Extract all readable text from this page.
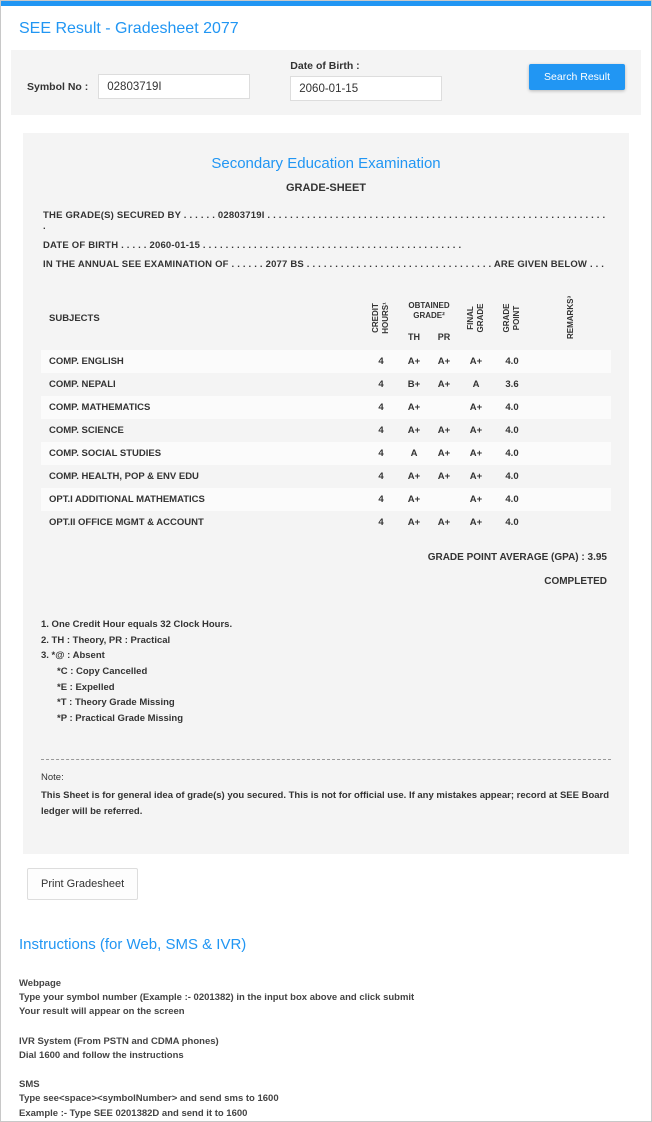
SEE Result - Gradesheet 2077
Symbol No :
02803719I
Date of Birth :
2060-01-15
Search Result
Secondary Education Examination
GRADE-SHEET
THE GRADE(S) SECURED BY . . . . . . 02803719I . . . . . . . . . . . . . . . . . . . . . . . . . . . . . . . . . . . . . . . . . . . . . . . . . . . . . . . . . . . . .
DATE OF BIRTH . . . . . 2060-01-15 . . . . . . . . . . . . . . . . . . . . . . . . . . . . . . . . . . . . . . . . . . . . . .
IN THE ANNUAL SEE EXAMINATION OF . . . . . . 2077 BS . . . . . . . . . . . . . . . . . . . . . . . . . . . . . . . . . ARE GIVEN BELOW . . .
SUBJECTS	CREDIT HOURS¹	OBTAINED GRADE²		FINAL GRADE	GRADE POINT	REMARKS³

		TH	PR			
COMP. ENGLISH	4	A+	A+	A+	4.0	
COMP. NEPALI	4	B+	A+	A	3.6	
COMP. MATHEMATICS	4	A+		A+	4.0	
COMP. SCIENCE	4	A+	A+	A+	4.0	
COMP. SOCIAL STUDIES	4	A	A+	A+	4.0	
COMP. HEALTH, POP & ENV EDU	4	A+	A+	A+	4.0	
OPT.I ADDITIONAL MATHEMATICS	4	A+		A+	4.0	
OPT.II OFFICE MGMT & ACCOUNT	4	A+	A+	A+	4.0	
GRADE POINT AVERAGE (GPA) : 3.95
COMPLETED
1. One Credit Hour equals 32 Clock Hours.
2. TH : Theory, PR : Practical
3. *@ : Absent
*C : Copy Cancelled
*E : Expelled
*T : Theory Grade Missing
*P : Practical Grade Missing
Note:
This Sheet is for general idea of grade(s) you secured. This is not for official use. If any mistakes appear; record at SEE Board ledger will be referred.
Print Gradesheet
Instructions (for Web, SMS & IVR)
Webpage
Type your symbol number (Example :- 0201382) in the input box above and click submit
Your result will appear on the screen
IVR System (From PSTN and CDMA phones)
Dial 1600 and follow the instructions
SMS
Type see<space><symbolNumber> and send sms to 1600
Example :- Type SEE 0201382D and send it to 1600
